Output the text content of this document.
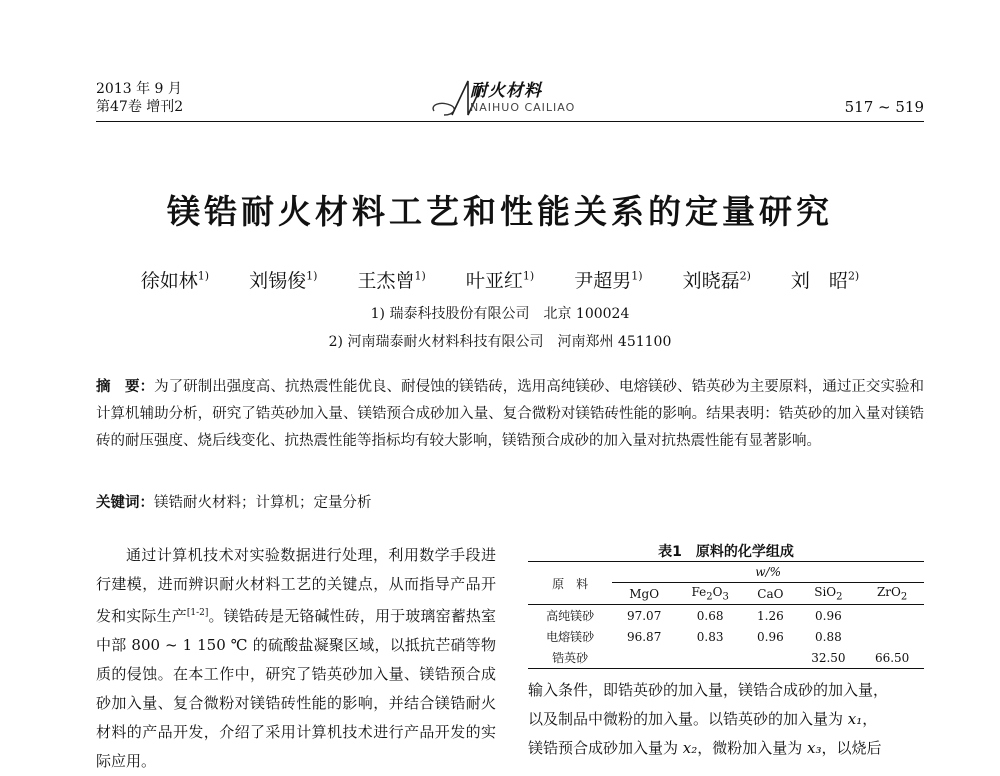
2013 年 9 月
第47卷 增刊2
耐火材料
NAIHUO CAILIAO	517 ~ 519
镁锆耐火材料工艺和性能关系的定量研究
徐如林$^{1)}$ 刘锡俊$^{1)}$ 王杰曾$^{1)}$ 叶亚红$^{1)}$ 尹超男$^{1)}$ 刘晓磊$^{2)}$ 刘　昭$^{2)}$
1) 瑞泰科技股份有限公司　北京 100024
2) 河南瑞泰耐火材料科技有限公司　河南郑州 451100
摘　要：为了研制出强度高、抗热震性能优良、耐侵蚀的镁锆砖，选用高纯镁砂、电熔镁砂、锆英砂为主要原料，通过正交实验和计算机辅助分析，研究了锆英砂加入量、镁锆预合成砂加入量、复合微粉对镁锆砖性能的影响。结果表明：锆英砂的加入量对镁锆砖的耐压强度、烧后线变化、抗热震性能等指标均有较大影响，镁锆预合成砂的加入量对抗热震性能有显著影响。
关键词：镁锆耐火材料；计算机；定量分析
通过计算机技术对实验数据进行处理，利用数学手段进行建模，进而辨识耐火材料工艺的关键点，从而指导产品开发和实际生产[1-2]。镁锆砖是无铬碱性砖，用于玻璃窑蓄热室中部 800 ~ 1 150 ℃ 的硫酸盐凝聚区域，以抵抗芒硝等物质的侵蚀。在本工作中，研究了锆英砂加入量、镁锆预合成砂加入量、复合微粉对镁锆砖性能的影响，并结合镁锆耐火材料的产品开发，介绍了采用计算机技术进行产品开发的实际应用。
表1　原料的化学组成
原　料	w/%				
	MgO	$Fe_2O_3$	CaO	SiO$_2$	ZrO$_2$
高纯镁砂	97.07	0.68	1.26	0.96	
电熔镁砂	96.87	0.83	0.96	0.88	
锆英砂				32.50	66.50
输入条件，即锆英砂的加入量，镁锆合成砂的加入量，
以及制品中微粉的加入量。以锆英砂的加入量为 x₁，
镁锆预合成砂加入量为 x₂，微粉加入量为 x₃，以烧后
